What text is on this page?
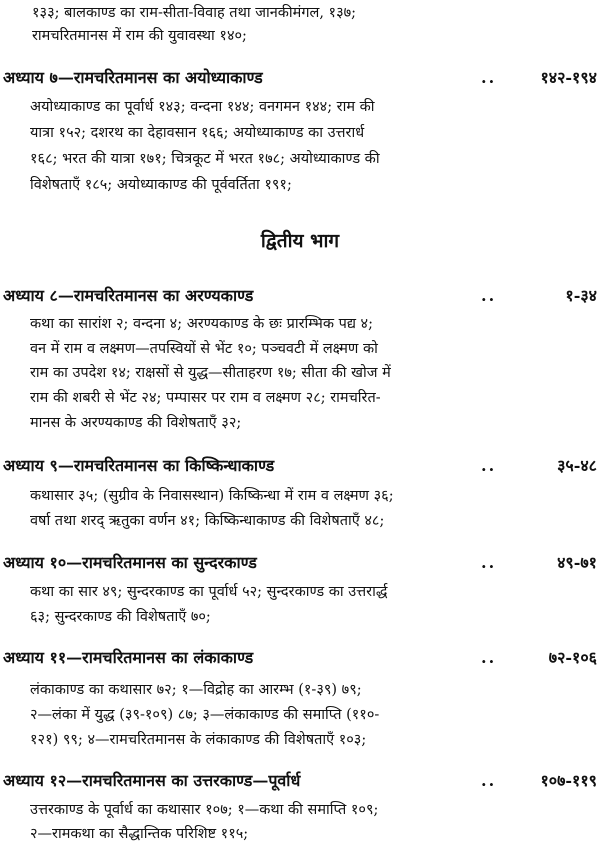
१३३; बालकाण्ड का राम-सीता-विवाह तथा जानकीमंगल, १३७;
रामचरितमानस में राम की युवावस्था १४०;
अध्याय ७—रामचरितमानस का अयोध्याकाण्ड	..	१४२-१९४
अयोध्याकाण्ड का पूर्वार्ध १४३; वन्दना १४४; वनगमन १४४; राम की
यात्रा १५२; दशरथ का देहावसान १६६; अयोध्याकाण्ड का उत्तरार्ध
१६८; भरत की यात्रा १७१; चित्रकूट में भरत १७८; अयोध्याकाण्ड की
विशेषताएँ १८५; अयोध्याकाण्ड की पूर्ववर्तिता १९१;
द्वितीय भाग
अध्याय ८—रामचरितमानस का अरण्यकाण्ड	..	१-३४
कथा का सारांश २; वन्दना ४; अरण्यकाण्ड के छः प्रारम्भिक पद्य ४;
वन में राम व लक्ष्मण—तपस्वियों से भेंट १०; पञ्चवटी में लक्ष्मण को
राम का उपदेश १४; राक्षसों से युद्ध—सीताहरण १७; सीता की खोज में
राम की शबरी से भेंट २४; पम्पासर पर राम व लक्ष्मण २८; रामचरित-
मानस के अरण्यकाण्ड की विशेषताएँ ३२;
अध्याय ९—रामचरितमानस का किष्किन्धाकाण्ड	..	३५-४८
कथासार ३५; (सुग्रीव के निवासस्थान) किष्किन्धा में राम व लक्ष्मण ३६;
वर्षा तथा शरद् ऋतुका वर्णन ४१; किष्किन्धाकाण्ड की विशेषताएँ ४८;
अध्याय १०—रामचरितमानस का सुन्दरकाण्ड	..	४९-७१
कथा का सार ४९; सुन्दरकाण्ड का पूर्वार्ध ५२; सुन्दरकाण्ड का उत्तरार्द्ध
६३; सुन्दरकाण्ड की विशेषताएँ ७०;
अध्याय ११—रामचरितमानस का लंकाकाण्ड	..	७२-१०६
लंकाकाण्ड का कथासार ७२; १—विद्रोह का आरम्भ (१-३९) ७९;
२—लंका में युद्ध (३९-१०९) ८७; ३—लंकाकाण्ड की समाप्ति (११०-
१२१) ९९; ४—रामचरितमानस के लंकाकाण्ड की विशेषताएँ १०३;
अध्याय १२—रामचरितमानस का उत्तरकाण्ड—पूर्वार्ध	..	१०७-११९
उत्तरकाण्ड के पूर्वार्ध का कथासार १०७; १—कथा की समाप्ति १०९;
२—रामकथा का सैद्धान्तिक परिशिष्ट ११५;
